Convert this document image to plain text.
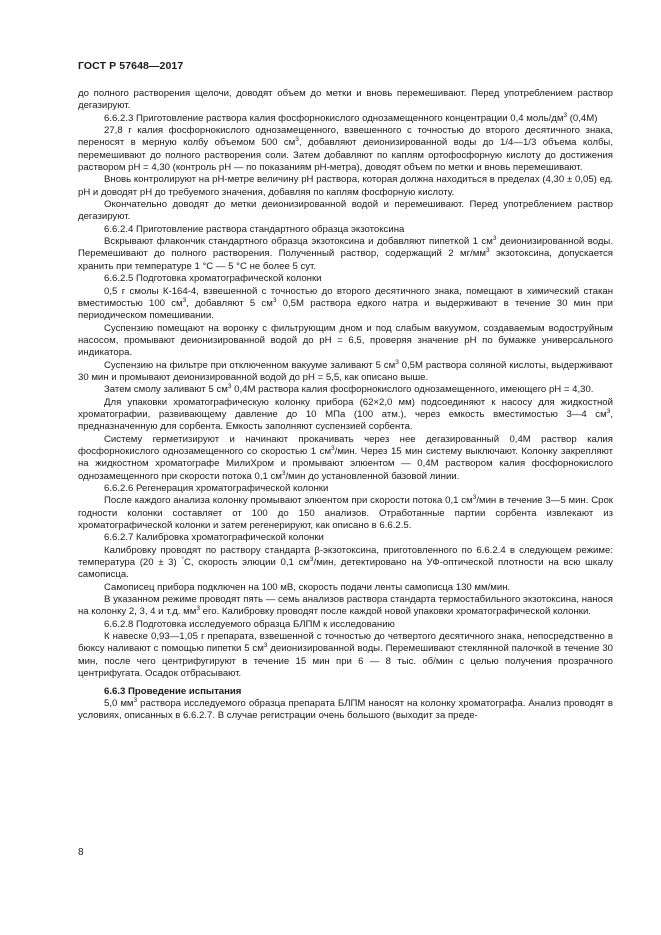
ГОСТ Р 57648—2017

до полного растворения щелочи, доводят объем до метки и вновь перемешивают. Перед употреблением раствор дегазируют.

6.6.2.3 Приготовление раствора калия фосфорнокислого однозамещенного концентрации 0,4 моль/$дм^3$ (0,4М)

27,8 г калия фосфорнокислого однозамещенного, взвешенного с точностью до второго десятичного знака, переносят в мерную колбу объемом 500 $см^3$, добавляют деионизированной воды до 1/4—1/3 объема колбы, перемешивают до полного растворения соли. Затем добавляют по каплям ортофосфорную кислоту до достижения раствором pH = 4,30 (контроль pH — по показаниям pH-метра), доводят объем по метки и вновь перемешивают.

Вновь контролируют на pH-метре величину pH раствора, которая должна находиться в пределах (4,30 ± 0,05) ед. pH и доводят pH до требуемого значения, добавляя по каплям фосфорную кислоту.

Окончательно доводят до метки деионизированной водой и перемешивают. Перед употреблением раствор дегазируют.

6.6.2.4 Приготовление раствора стандартного образца экзотоксина

Вскрывают флакончик стандартного образца экзотоксина и добавляют пипеткой 1 $см^3$ деионизированной воды. Перемешивают до полного растворения. Полученный раствор, содержащий 2 $мг/мм^3$ экзотоксина, допускается хранить при температуре 1 °С — 5 °С не более 5 сут.

6.6.2.5 Подготовка хроматографической колонки

0,5 г смолы К-164-4, взвешенной с точностью до второго десятичного знака, помещают в химический стакан вместимостью 100 $см^3$, добавляют 5 $см^3$ 0,5М раствора едкого натра и выдерживают в течение 30 мин при периодическом помешивании.

Суспензию помещают на воронку с фильтрующим дном и под слабым вакуумом, создаваемым водоструйным насосом, промывают деионизированной водой до pH = 6,5, проверяя значение pH по бумажке универсального индикатора.

Суспензию на фильтре при отключенном вакууме заливают 5 $см^3$ 0,5М раствора соляной кислоты, выдерживают 30 мин и промывают деионизированной водой до pH = 5,5, как описано выше.

Затем смолу заливают 5 $см^3$ 0,4М раствора калия фосфорнокислого однозамещенного, имеющего pH = 4,30.

Для упаковки хроматографическую колонку прибора (62×2,0 мм) подсоединяют к насосу для жидкостной хроматографии, развивающему давление до 10 МПа (100 атм.), через емкость вместимостью 3—4 $см^3$, предназначенную для сорбента. Емкость заполняют суспензией сорбента.

Систему герметизируют и начинают прокачивать через нее дегазированный 0,4М раствор калия фосфорнокислого однозамещенного со скоростью 1 $см^3$/мин. Через 15 мин систему выключают. Колонку закрепляют на жидкостном хроматографе МилиХром и промывают элюентом — 0,4М раствором калия фосфорнокислого однозамещенного при скорости потока 0,1 $см^3$/мин до установленной базовой линии.

6.6.2.6 Регенерация хроматографической колонки

После каждого анализа колонку промывают элюентом при скорости потока 0,1 $см^3$/мин в течение 3—5 мин. Срок годности колонки составляет от 100 до 150 анализов. Отработанные партии сорбента извлекают из хроматографической колонки и затем регенерируют, как описано в 6.6.2.5.

6.6.2.7 Калибровка хроматографической колонки

Калибровку проводят по раствору стандарта β-экзотоксина, приготовленного по 6.6.2.4 в следующем режиме: температура (20 ± 3) °С, скорость элюции 0,1 $см^3$/мин, детектировано на УФ-оптической плотности на всю шкалу самописца.

Самописец прибора подключен на 100 мВ, скорость подачи ленты самописца 130 мм/мин.

В указанном режиме проводят пять — семь анализов раствора стандарта термостабильного экзотоксина, нанося на колонку 2, 3, 4 и т.д. $мм^3$ его. Калибровку проводят после каждой новой упаковки хроматографической колонки.

6.6.2.8 Подготовка исследуемого образца БЛПМ к исследованию

К навеске 0,93—1,05 г препарата, взвешенной с точностью до четвертого десятичного знака, непосредственно в бюксу наливают с помощью пипетки 5 $см^3$ деионизированной воды. Перемешивают стеклянной палочкой в течение 30 мин, после чего центрифугируют в течение 15 мин при 6 — 8 тыс. об/мин с целью получения прозрачного центрифугата. Осадок отбрасывают.

6.6.3 Проведение испытания

5,0 $мм^3$ раствора исследуемого образца препарата БЛПМ наносят на колонку хроматографа. Анализ проводят в условиях, описанных в 6.6.2.7. В случае регистрации очень большого (выходит за преде-

8
